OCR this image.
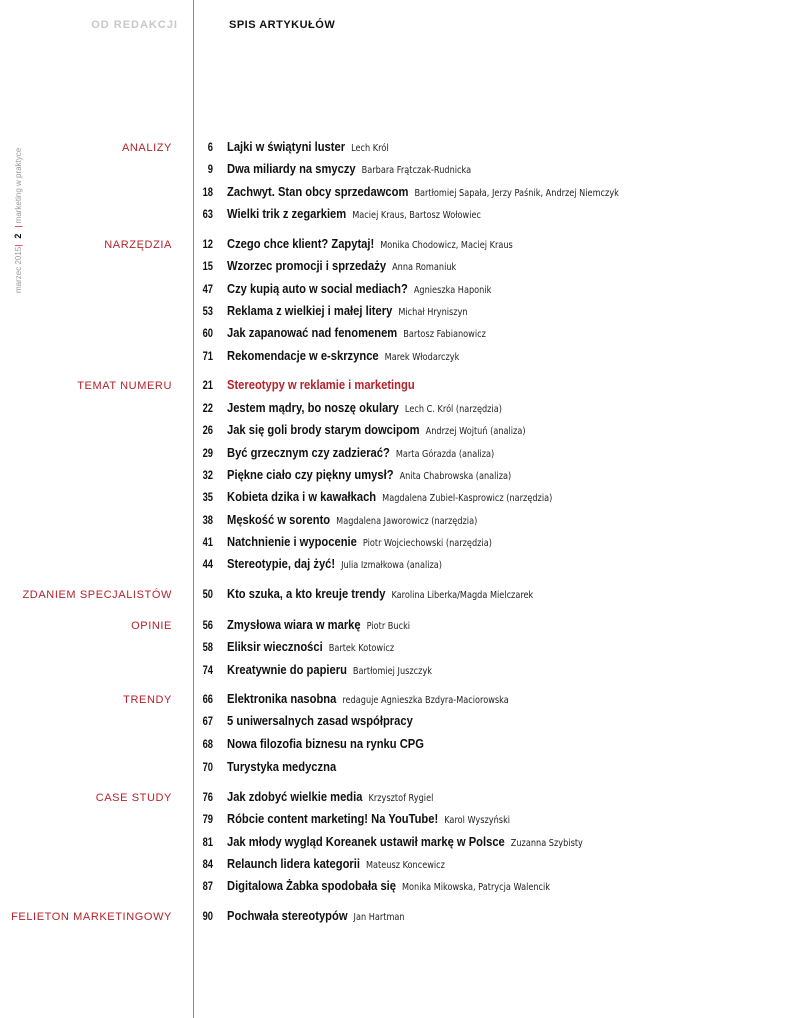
OD REDAKCJI	SPIS ARTYKUŁÓW
marzec 2015|2| marketing w praktyce	ANALIZY	6 Lajki w świątyni luster Lech Król
9 Dwa miliardy na smyczy Barbara Frątczak-Rudnicka
18 Zachwyt. Stan obcy sprzedawcom Bartłomiej Sapała, Jerzy Paśnik, Andrzej Niemczyk
63 Wielki trik z zegarkiem Maciej Kraus, Bartosz Wołowiec
NARZĘDZIA	12 Czego chce klient? Zapytaj! Monika Chodowicz, Maciej Kraus
15 Wzorzec promocji i sprzedaży Anna Romaniuk
47 Czy kupią auto w social mediach? Agnieszka Haponik
53 Reklama z wielkiej i małej litery Michał Hryniszyn
60 Jak zapanować nad fenomenem Bartosz Fabianowicz
71 Rekomendacje w e-skrzynce Marek Włodarczyk
TEMAT NUMERU	21 Stereotypy w reklamie i marketingu
22 Jestem mądry, bo noszę okulary Lech C. Król (narzędzia)
26 Jak się goli brody starym dowcipom Andrzej Wojtuń (analiza)
29 Być grzecznym czy zadzierać? Marta Górazda (analiza)
32 Piękne ciało czy piękny umysł? Anita Chabrowska (analiza)
35 Kobieta dzika i w kawałkach Magdalena Zubiel-Kasprowicz (narzędzia)
38 Męskość w sorento Magdalena Jaworowicz (narzędzia)
41 Natchnienie i wypocenie Piotr Wojciechowski (narzędzia)
44 Stereotypie, daj żyć! Julia Izmałkowa (analiza)
ZDANIEM SPECJALISTÓW	50 Kto szuka, a kto kreuje trendy Karolina Liberka/Magda Mielczarek
OPINIE	56 Zmysłowa wiara w markę Piotr Bucki
58 Eliksir wieczności Bartek Kotowicz
74 Kreatywnie do papieru Bartłomiej Juszczyk
TRENDY	66 Elektronika nasobna redaguje Agnieszka Bzdyra-Maciorowska
67 5 uniwersalnych zasad współpracy
68 Nowa filozofia biznesu na rynku CPG
70 Turystyka medyczna
CASE STUDY	76 Jak zdobyć wielkie media Krzysztof Rygiel
79 Róbcie content marketing! Na YouTube! Karol Wyszyński
81 Jak młody wygląd Koreanek ustawił markę w Polsce Zuzanna Szybisty
84 Relaunch lidera kategorii Mateusz Koncewicz
87 Digitalowa Żabka spodobała się Monika Mikowska, Patrycja Walencik
FELIETON MARKETINGOWY	90 Pochwała stereotypów Jan Hartman
